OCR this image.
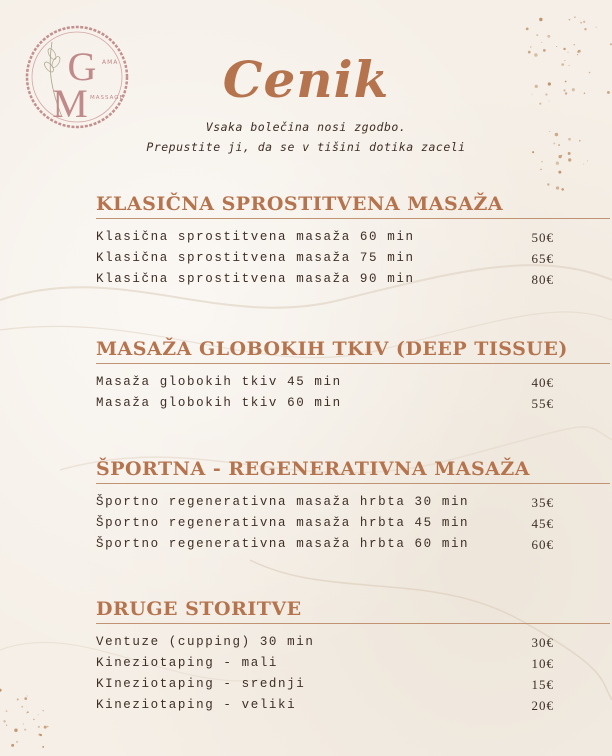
G
M
AMA
MASSAGE	Cenik
Vsaka bolečina nosi zgodbo.
Prepustite ji, da se v tišini dotika zaceli
KLASIČNA SPROSTITVENA MASAŽA
Klasična sprostitvena masaža 60 min	50€
Klasična sprostitvena masaža 75 min	65€
Klasična sprostitvena masaža 90 min	80€
MASAŽA GLOBOKIH TKIV (DEEP TISSUE)
Masaža globokih tkiv 45 min	40€
Masaža globokih tkiv 60 min	55€
ŠPORTNA - REGENERATIVNA MASAŽA
Športno regenerativna masaža hrbta 30 min	35€
Športno regenerativna masaža hrbta 45 min	45€
Športno regenerativna masaža hrbta 60 min	60€
DRUGE STORITVE
Ventuze (cupping) 30 min	30€
Kineziotaping - mali	10€
KIneziotaping - srednji	15€
Kineziotaping - veliki	20€
